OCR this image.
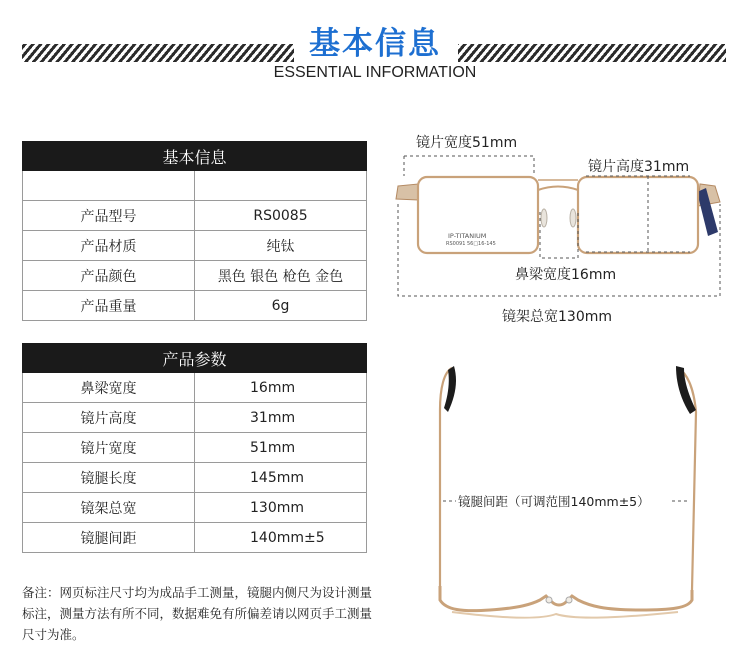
基本信息
ESSENTIAL INFORMATION
基本信息	

产品型号	RS0085
产品材质	纯钛
产品颜色	黑色 银色 枪色 金色
产品重量	6g
产品参数	
鼻梁宽度	16mm
镜片高度	31mm
镜片宽度	51mm
镜腿长度	145mm
镜架总宽	130mm
镜腿间距	140mm±5
备注：网页标注尺寸均为成品手工测量，镜腿内侧尺为设计测量标注，测量方法有所不同，数据难免有所偏差请以网页手工测量尺寸为准。
IP-TITANIUM
RS0091 56□16-145
镜片宽度51mm
镜片高度31mm
鼻梁宽度16mm
镜架总宽130mm
镜腿间距（可调范围140mm±5）
